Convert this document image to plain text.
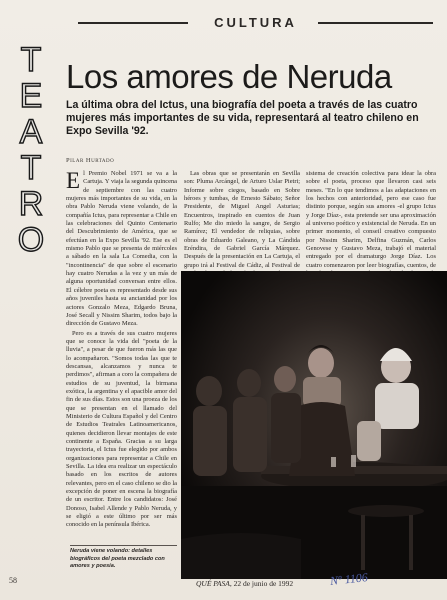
CULTURA
T
E
A
T
R
O
Los amores de Neruda
La última obra del Ictus, una biografía del poeta a través de las cuatro mujeres más importantes de su vida, representará al teatro chileno en Expo Sevilla '92.
Pilar Hurtado

El Premio Nobel 1971 se va a la Cartuja. Y viaja la segunda quincena de septiembre con las cuatro mujeres más importantes de su vida, en la obra Pablo Neruda viene volando, de la compañía Ictus, para representar a Chile en las celebraciones del Quinto Centenario del Descubrimiento de América, que se efectúan en la Expo Sevilla '92. Ese es el mismo Pablo que se presenta de miércoles a sábado en la sala La Comedia, con la "incontinencia" de que sobre el escenario hay cuatro Nerudas a la vez y un más de alguna oportunidad conversan entre ellos. El célebre poeta es representado desde sus años juveniles hasta su ancianidad por los actores Gonzalo Meza, Edgardo Bruna, José Secall y Nissim Sharim, todos bajo la dirección de Gustavo Meza.

Pero es a través de sus cuatro mujeres que se conoce la vida del "poeta de la lluvia", a pesar de que fueron más las que lo acompañaron. "Somos todas las que te descansas, alcanzamos y nunca te perdimos", afirman a coro la compañera de estudios de su juventud, la birmana exótica, la argentina y el apacible amor del fin de sus días. Estos son una proeza de los que se presentan en el llamado del Ministerio de Cultura Español y del Centro de Estudios Teatrales Latinoamericanos, quienes decidieron llevar montajes de este continente a España. Gracias a su larga trayectoria, el Ictus fue elegido por ambos organizaciones para representar a Chile en Sevilla. La idea era realizar un espectáculo basado en los escritos de autores relevantes, pero en el caso chileno se dio la excepción de poner en escena la biografía de un escritor. Entre los candidatos: José Donoso, Isabel Allende y Pablo Neruda, y se eligió a este último por ser más conocido en la península Ibérica.

Las obras que se presentarán en Sevilla son: Pluma Arcángel, de Arturo Uslar Pietri; Informe sobre ciegos, basado en Sobre héroes y tumbas, de Ernesto Sábato; Señor Presidente, de Miguel Angel Asturias; Encuentros, inspirado en cuentos de Juan Rulfo; Me dio miedo la sangre, de Sergio Ramírez; El vendedor de reliquias, sobre obras de Eduardo Galeano, y La Cándida Eréndira, de Gabriel García Márquez. Después de la presentación en La Cartuja, el grupo irá al Festival de Cádiz, al Festival de

sistema de creación colectiva para idear la obra sobre el poeta, proceso que llevaron casi seis meses. "En lo que tendimos a las adaptaciones en los hechos con anterioridad, pero ese caso fue distinto porque, según sus amores -el grupo Ictus y Jorge Díaz-, esta pretende ser una aproximación al universo poético y existencial de Neruda. En un primer momento, el conseil creativo compuesto por Nissim Sharim, Delfina Guzmán, Carlos Genovese y Gustavo Meza, trabajó el material entregado por el dramaturgo Jorge Díaz. Los cuatro comenzaron por leer biografías, cuentos, de

Neruda viene volando: detalles biográficos del poeta mezclado con amores y poesía.
58	QUÉ PASA, 22 de junio de 1992	Nº 1106
